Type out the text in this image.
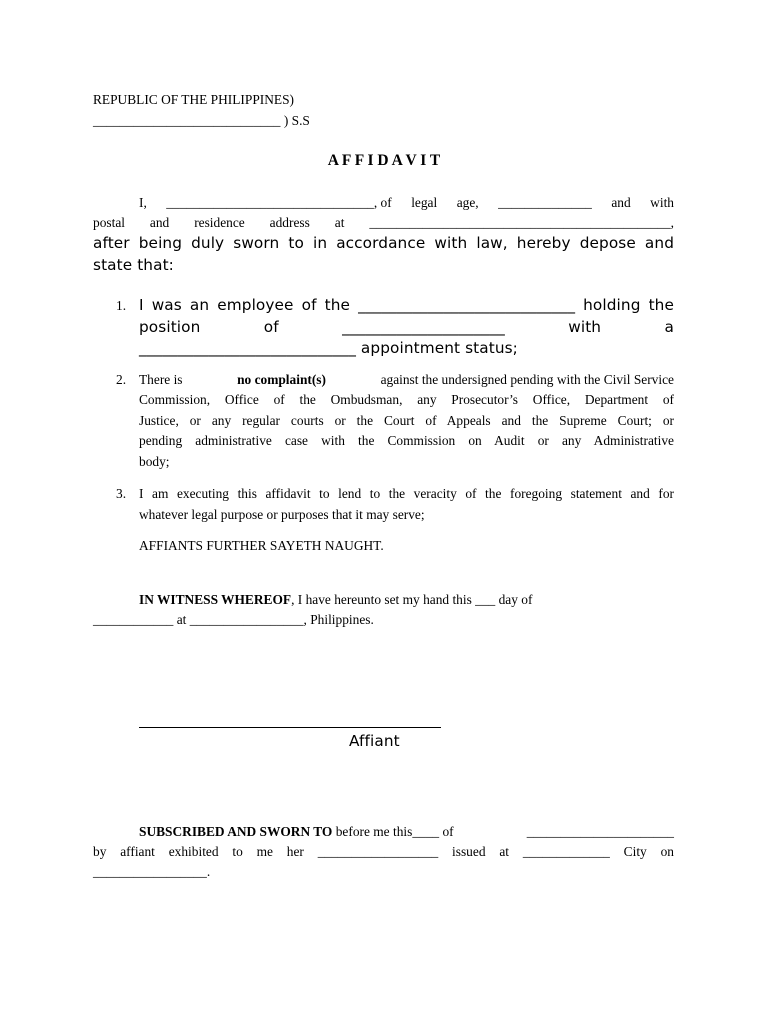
REPUBLIC OF THE PHILIPPINES)
____________________________ ) S.S
A F F I D A V I T
I, _______________________________, of legal age, ______________ and with
postal and residence address at _____________________________________________,
after being duly sworn to in accordance with law, hereby depose and
state that:
1. I was an employee of the ____________________________ holding the
position	of	_____________________	with	a
____________________________ appointment status;
2. There is	no complaint(s)	against the undersigned pending with the Civil Service
Commission, Office of the Ombudsman, any Prosecutor’s Office, Department of
Justice, or any regular courts or the Court of Appeals and the Supreme Court; or
pending administrative case with the Commission on Audit or any Administrative
body;
3. I am executing this affidavit to lend to the veracity of the foregoing statement and for
whatever legal purpose or purposes that it may serve;
AFFIANTS FURTHER SAYETH NAUGHT.
IN WITNESS WHEREOF, I have hereunto set my hand this ___ day of
____________ at _________________, Philippines.
Affiant
SUBSCRIBED AND SWORN TO before me this____ of	______________________
by affiant exhibited to me her __________________ issued at _____________ City on
_________________.
